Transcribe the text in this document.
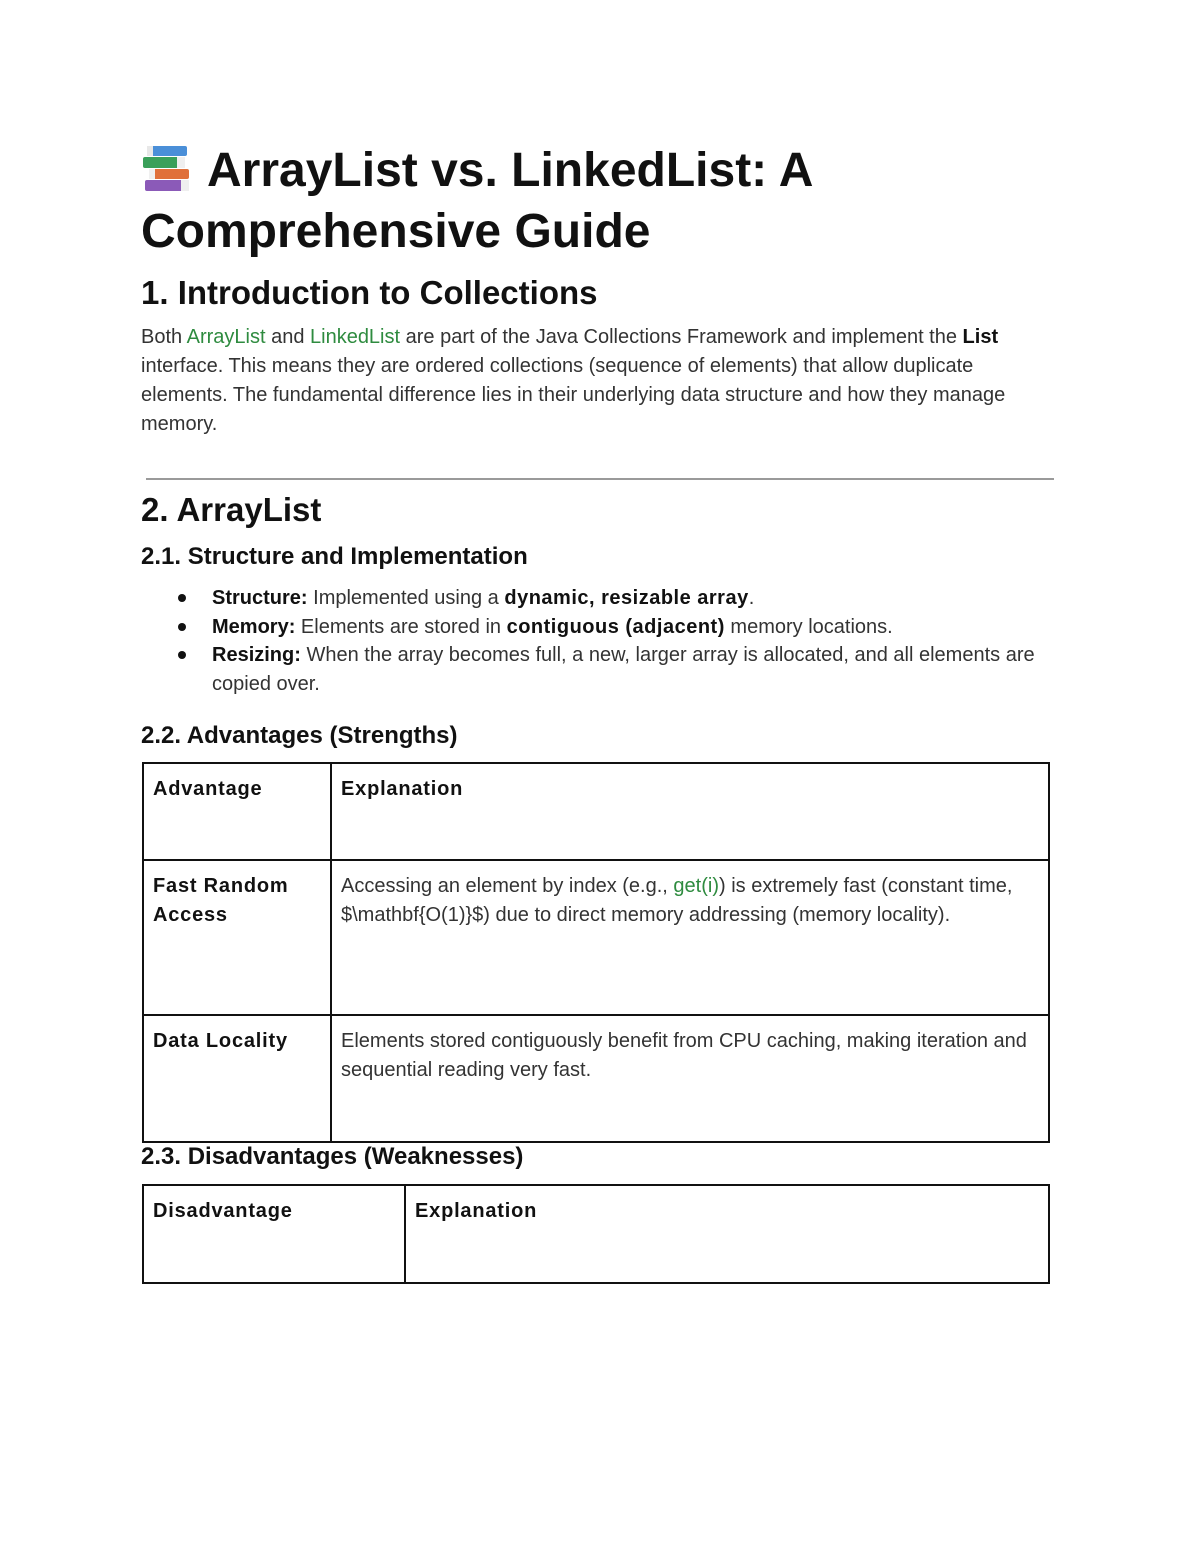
ArrayList vs. LinkedList: A Comprehensive Guide
1. Introduction to Collections

Both ArrayList and LinkedList are part of the Java Collections Framework and implement the List interface. This means they are ordered collections (sequence of elements) that allow duplicate elements. The fundamental difference lies in their underlying data structure and how they manage memory.

2. ArrayList
2.1. Structure and Implementation
Structure: Implemented using a dynamic, resizable array.
Memory: Elements are stored in contiguous (adjacent) memory locations.
Resizing: When the array becomes full, a new, larger array is allocated, and all elements are copied over.
2.2. Advantages (Strengths)
Advantage	Explanation
Fast Random Access	Accessing an element by index (e.g., get(i)) is extremely fast (constant time, $\mathbf{O(1)}$) due to direct memory addressing (memory locality).
Data Locality	Elements stored contiguously benefit from CPU caching, making iteration and sequential reading very fast.
2.3. Disadvantages (Weaknesses)
Disadvantage	Explanation
